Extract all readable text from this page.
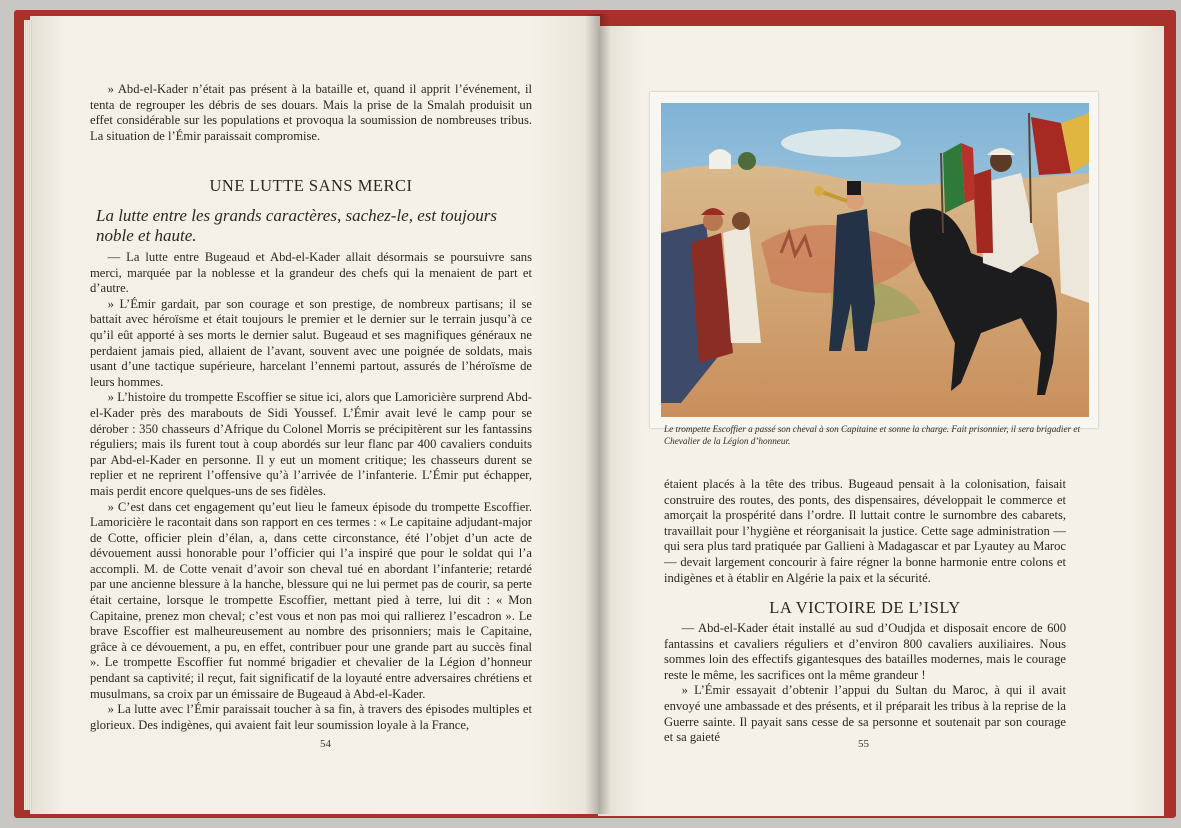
» Abd-el-Kader n’était pas présent à la bataille et, quand il apprit l’événement, il tenta de regrouper les débris de ses douars. Mais la prise de la Smalah produisit un effet considérable sur les populations et provoqua la soumission de nombreuses tribus. La situation de l’Émir paraissait compromise.

UNE LUTTE SANS MERCI
La lutte entre les grands caractères, sachez-le, est toujours noble et haute.

— La lutte entre Bugeaud et Abd-el-Kader allait désormais se poursuivre sans merci, marquée par la noblesse et la grandeur des chefs qui la menaient de part et d’autre.

» L’Émir gardait, par son courage et son prestige, de nombreux partisans; il se battait avec héroïsme et était toujours le premier et le dernier sur le terrain jusqu’à ce qu’il eût apporté à ses morts le dernier salut. Bugeaud et ses magnifiques généraux ne perdaient jamais pied, allaient de l’avant, souvent avec une poignée de soldats, mais usant d’une tactique supérieure, harcelant l’ennemi partout, assurés de l’héroïsme de leurs hommes.

» L’histoire du trompette Escoffier se situe ici, alors que Lamoricière surprend Abd-el-Kader près des marabouts de Sidi Youssef. L’Émir avait levé le camp pour se dérober : 350 chasseurs d’Afrique du Colonel Morris se précipitèrent sur les fantassins réguliers; mais ils furent tout à coup abordés sur leur flanc par 400 cavaliers conduits par Abd-el-Kader en personne. Il y eut un moment critique; les chasseurs durent se replier et ne reprirent l’offensive qu’à l’arrivée de l’infanterie. L’Émir put échapper, mais perdit encore quelques-uns de ses fidèles.

» C’est dans cet engagement qu’eut lieu le fameux épisode du trompette Escoffier. Lamoricière le racontait dans son rapport en ces termes : « Le capitaine adjudant-major de Cotte, officier plein d’élan, a, dans cette circonstance, été l’objet d’un acte de dévouement aussi honorable pour l’officier qui l’a inspiré que pour le soldat qui l’a accompli. M. de Cotte venait d’avoir son cheval tué en abordant l’infanterie; retardé par une ancienne blessure à la hanche, blessure qui ne lui permet pas de courir, sa perte était certaine, lorsque le trompette Escoffier, mettant pied à terre, lui dit : « Mon Capitaine, prenez mon cheval; c’est vous et non pas moi qui rallierez l’escadron ». Le brave Escoffier est malheureusement au nombre des prisonniers; mais le Capitaine, grâce à ce dévouement, a pu, en effet, contribuer pour une grande part au succès final ». Le trompette Escoffier fut nommé brigadier et chevalier de la Légion d’honneur pendant sa captivité; il reçut, fait significatif de la loyauté entre adversaires chrétiens et musulmans, sa croix par un émissaire de Bugeaud à Abd-el-Kader.

» La lutte avec l’Émir paraissait toucher à sa fin, à travers des épisodes multiples et glorieux. Des indigènes, qui avaient fait leur soumission loyale à la France,

54
Le trompette Escoffier a passé son cheval à son Capitaine et sonne la charge. Fait prisonnier, il sera brigadier et Chevalier de la Légion d’honneur.

étaient placés à la tête des tribus. Bugeaud pensait à la colonisation, faisait construire des routes, des ponts, des dispensaires, développait le commerce et amorçait la prospérité dans l’ordre. Il luttait contre le surnombre des cabarets, travaillait pour l’hygiène et réorganisait la justice. Cette sage administration — qui sera plus tard pratiquée par Gallieni à Madagascar et par Lyautey au Maroc — devait largement concourir à faire régner la bonne harmonie entre colons et indigènes et à établir en Algérie la paix et la sécurité.

LA VICTOIRE DE L’ISLY

— Abd-el-Kader était installé au sud d’Oudjda et disposait encore de 600 fantassins et cavaliers réguliers et d’environ 800 cavaliers auxiliaires. Nous sommes loin des effectifs gigantesques des batailles modernes, mais le courage reste le même, les sacrifices ont la même grandeur !

» L’Émir essayait d’obtenir l’appui du Sultan du Maroc, à qui il avait envoyé une ambassade et des présents, et il préparait les tribus à la reprise de la Guerre sainte. Il payait sans cesse de sa personne et soutenait par son courage et sa gaieté	55
